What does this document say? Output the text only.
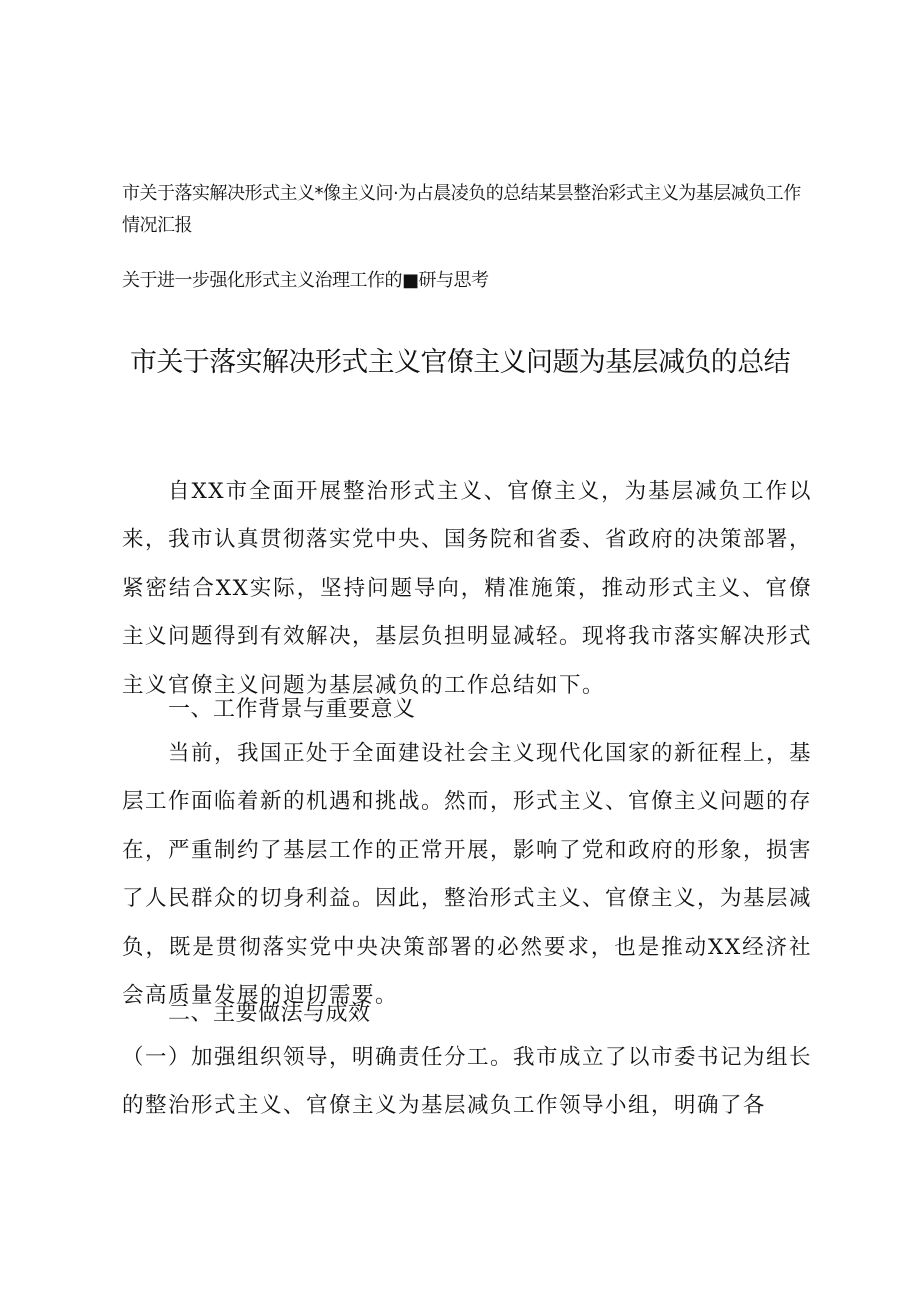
市关于落实解决形式主义*像主义问·为占晨凌负的总结某昙整治彩式主义为基层减负工作情况汇报
关于进一步强化形式主义治理工作的■研与思考
市关于落实解决形式主义官僚主义问题为基层减负的总结

自XX市全面开展整治形式主义、官僚主义，为基层减负工作以来，我市认真贯彻落实党中央、国务院和省委、省政府的决策部署，紧密结合XX实际，坚持问题导向，精准施策，推动形式主义、官僚主义问题得到有效解决，基层负担明显减轻。现将我市落实解决形式主义官僚主义问题为基层减负的工作总结如下。

一、工作背景与重要意义

当前，我国正处于全面建设社会主义现代化国家的新征程上，基层工作面临着新的机遇和挑战。然而，形式主义、官僚主义问题的存在，严重制约了基层工作的正常开展，影响了党和政府的形象，损害了人民群众的切身利益。因此，整治形式主义、官僚主义，为基层减负，既是贯彻落实党中央决策部署的必然要求，也是推动XX经济社会高质量发展的迫切需要。

二、主要做法与成效

（一）加强组织领导，明确责任分工。我市成立了以市委书记为组长的整治形式主义、官僚主义为基层减负工作领导小组，明确了各
